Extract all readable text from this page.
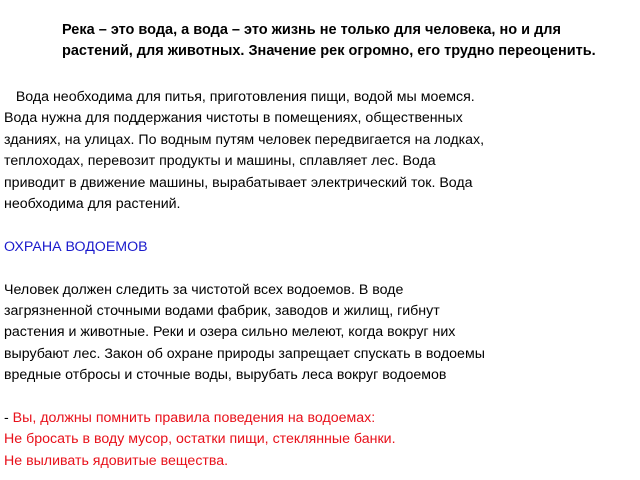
Река – это вода, а вода – это жизнь не только для человека, но и для
растений, для животных. Значение рек огромно, его трудно переоценить.
Вода необходима для питья, приготовления пищи, водой мы моемся.
Вода нужна для поддержания чистоты в помещениях, общественных
зданиях, на улицах. По водным путям человек передвигается на лодках,
теплоходах, перевозит продукты и машины, сплавляет лес. Вода
приводит в движение машины, вырабатывает электрический ток. Вода
необходима для растений.
ОХРАНА ВОДОЕМОВ
Человек должен следить за чистотой всех водоемов. В воде
загрязненной сточными водами фабрик, заводов и жилищ, гибнут
растения и животные. Реки и озера сильно мелеют, когда вокруг них
вырубают лес. Закон об охране природы запрещает спускать в водоемы
вредные отбросы и сточные воды, вырубать леса вокруг водоемов
- Вы, должны помнить правила поведения на водоемах:
Не бросать в воду мусор, остатки пищи, стеклянные банки.
Не выливать ядовитые вещества.
